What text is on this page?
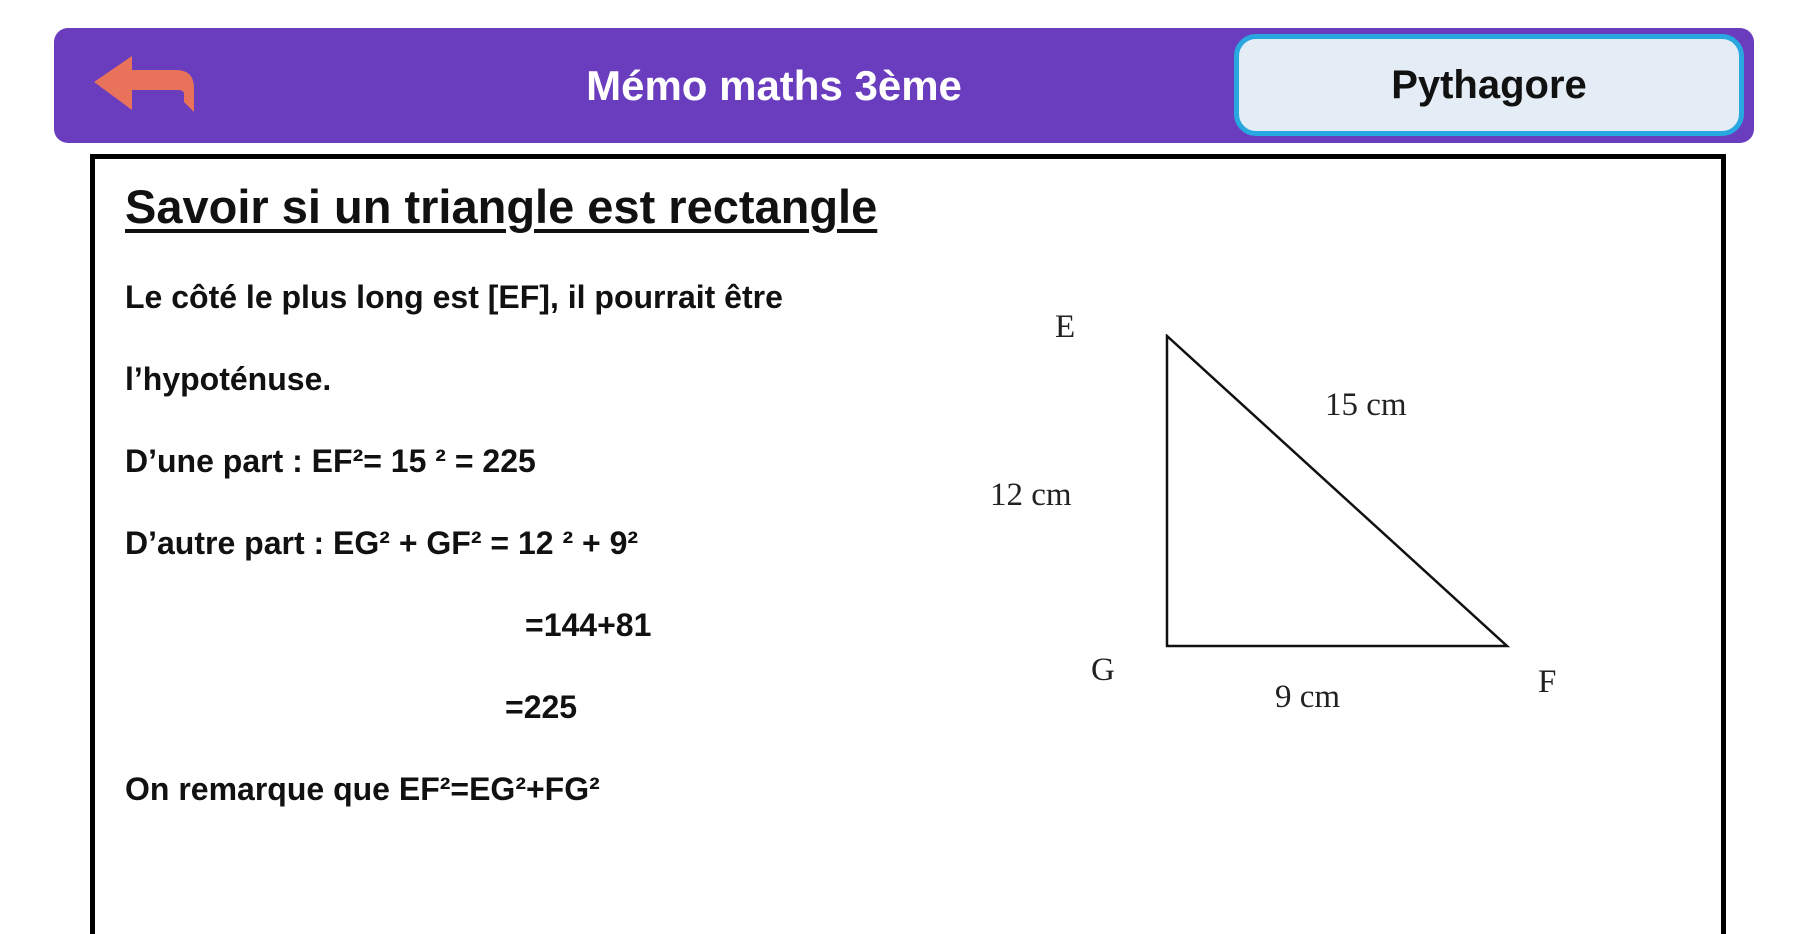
Mémo maths 3ème	Pythagore
Savoir si un triangle est rectangle
Le côté le plus long est [EF], il pourrait être
l’hypoténuse.
D’une part : EF²= 15 ² = 225
D’autre part : EG² + GF² = 12 ² + 9²
=144+81
=225
On remarque que EF²=EG²+FG²
E
G	F
15 cm
12 cm
9 cm
